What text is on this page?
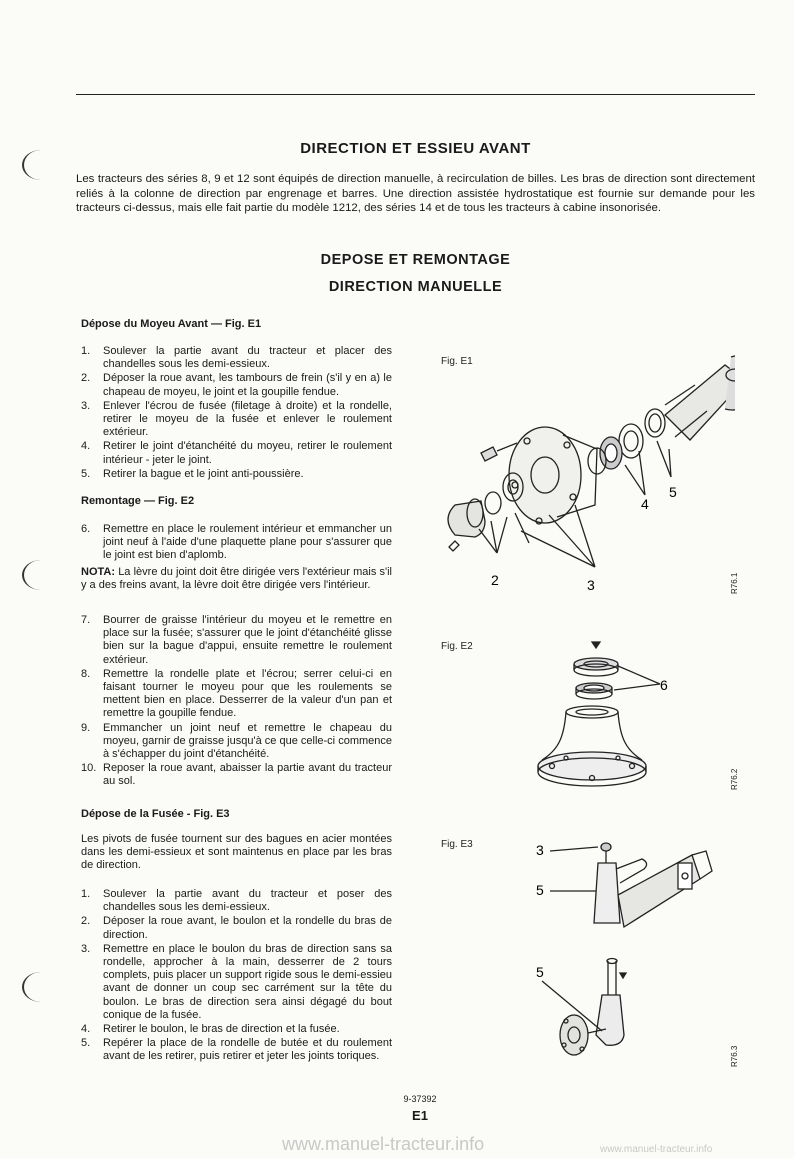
DIRECTION ET ESSIEU AVANT
Les tracteurs des séries 8, 9 et 12 sont équipés de direction manuelle, à recirculation de billes. Les bras de direction sont directement reliés à la colonne de direction par engrenage et barres. Une direction assistée hydrostatique est fournie sur demande pour les tracteurs ci-dessus, mais elle fait partie du modèle 1212, des séries 14 et de tous les tracteurs à cabine insonorisée.
DEPOSE ET REMONTAGE
DIRECTION MANUELLE
Dépose du Moyeu Avant — Fig. E1
1. Soulever la partie avant du tracteur et placer des chandelles sous les demi-essieux.
2. Déposer la roue avant, les tambours de frein (s'il y en a) le chapeau de moyeu, le joint et la goupille fendue.
3. Enlever l'écrou de fusée (filetage à droite) et la rondelle, retirer le moyeu de la fusée et enlever le roulement extérieur.
4. Retirer le joint d'étanchéité du moyeu, retirer le roulement intérieur - jeter le joint.
5. Retirer la bague et le joint anti-poussière.
Remontage — Fig. E2
6. Remettre en place le roulement intérieur et emmancher un joint neuf à l'aide d'une plaquette plane pour s'assurer que le joint est bien d'aplomb.
NOTA: La lèvre du joint doit être dirigée vers l'extérieur mais s'il y a des freins avant, la lèvre doit être dirigée vers l'intérieur.
7. Bourrer de graisse l'intérieur du moyeu et le remettre en place sur la fusée; s'assurer que le joint d'étanchéité glisse bien sur la bague d'appui, ensuite remettre le roulement extérieur.
8. Remettre la rondelle plate et l'écrou; serrer celui-ci en faisant tourner le moyeu pour que les roulements se mettent bien en place. Desserrer de la valeur d'un pan et remettre la goupille fendue.
9. Emmancher un joint neuf et remettre le chapeau du moyeu, garnir de graisse jusqu'à ce que celle-ci commence à s'échapper du joint d'étanchéité.
10. Reposer la roue avant, abaisser la partie avant du tracteur au sol.
Dépose de la Fusée - Fig. E3
Les pivots de fusée tournent sur des bagues en acier montées dans les demi-essieux et sont maintenus en place par les bras de direction.
1. Soulever la partie avant du tracteur et poser des chandelles sous les demi-essieux.
2. Déposer la roue avant, le boulon et la rondelle du bras de direction.
3. Remettre en place le boulon du bras de direction sans sa rondelle, approcher à la main, desserrer de 2 tours complets, puis placer un support rigide sous le demi-essieu avant de donner un coup sec carrément sur la tête du boulon. Le bras de direction sera ainsi dégagé du bout conique de la fusée.
4. Retirer le boulon, le bras de direction et la fusée.
5. Repérer la place de la rondelle de butée et du roulement avant de les retirer, puis retirer et jeter les joints toriques.
Fig. E1
R76.1
2	3
4
5
Fig. E2
R76.2
6
Fig. E3
R76.3
3
5
5
9-37392
E1
www.manuel-tracteur.info	www.manuel-tracteur.info
